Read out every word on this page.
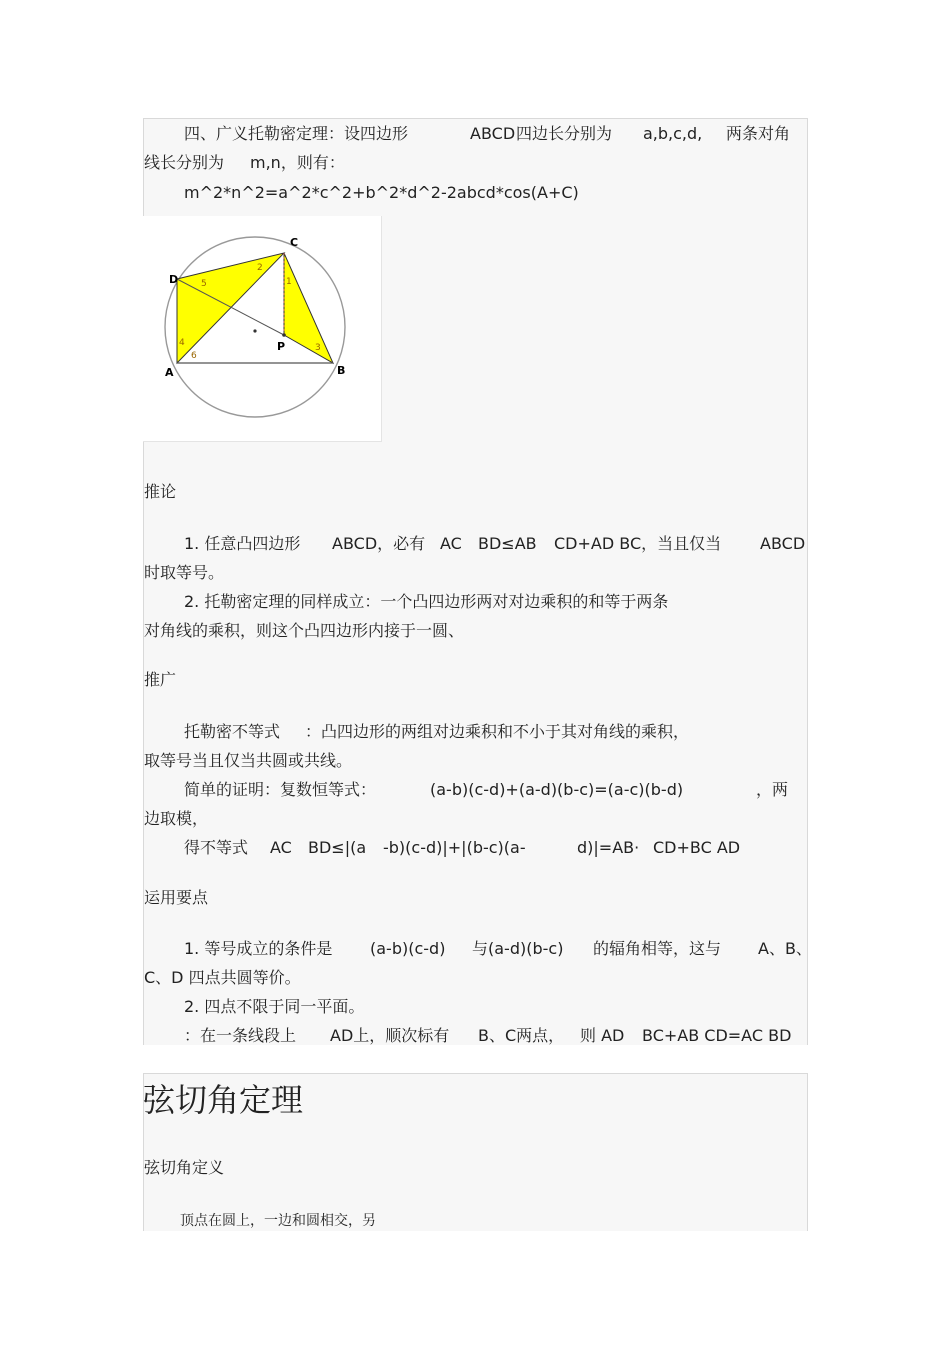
四、广义托勒密定理：设四边形	ABCD 四边长分别为 a,b,c,d, 两条对角
线长分别为 m,n，则有：
m^2*n^2=a^2*c^2+b^2*d^2-2abcd*cos(A+C)
C
D
A	B
P
1
2
3
4
5
6
推论
1. 任意凸四边形 ABCD，必有 AC BD≤AB CD+AD BC，当且仅当 ABCD
时取等号。
2. 托勒密定理的同样成立：一个凸四边形两对对边乘积的和等于两条
对角线的乘积，则这个凸四边形内接于一圆、
推广
托勒密不等式 ：凸四边形的两组对边乘积和不小于其对角线的乘积，
取等号当且仅当共圆或共线。
简单的证明：复数恒等式：	(a-b)(c-d)+(a-d)(b-c)=(a-c)(b-d)	，两
边取模，
得不等式 AC BD≤|(a -b)(c-d)|+|(b-c)(a-	d)|=AB· CD+BC AD
运用要点
1. 等号成立的条件是 (a-b)(c-d) 与(a-d)(b-c) 的辐角相等，这与 A、B、
C、D 四点共圆等价。
2. 四点不限于同一平面。
：在一条线段上 AD上，顺次标有 B、C两点， 则 AD BC+AB CD=AC BD
弦切角定理
弦切角定义
顶点在圆上，一边和圆相交，另
